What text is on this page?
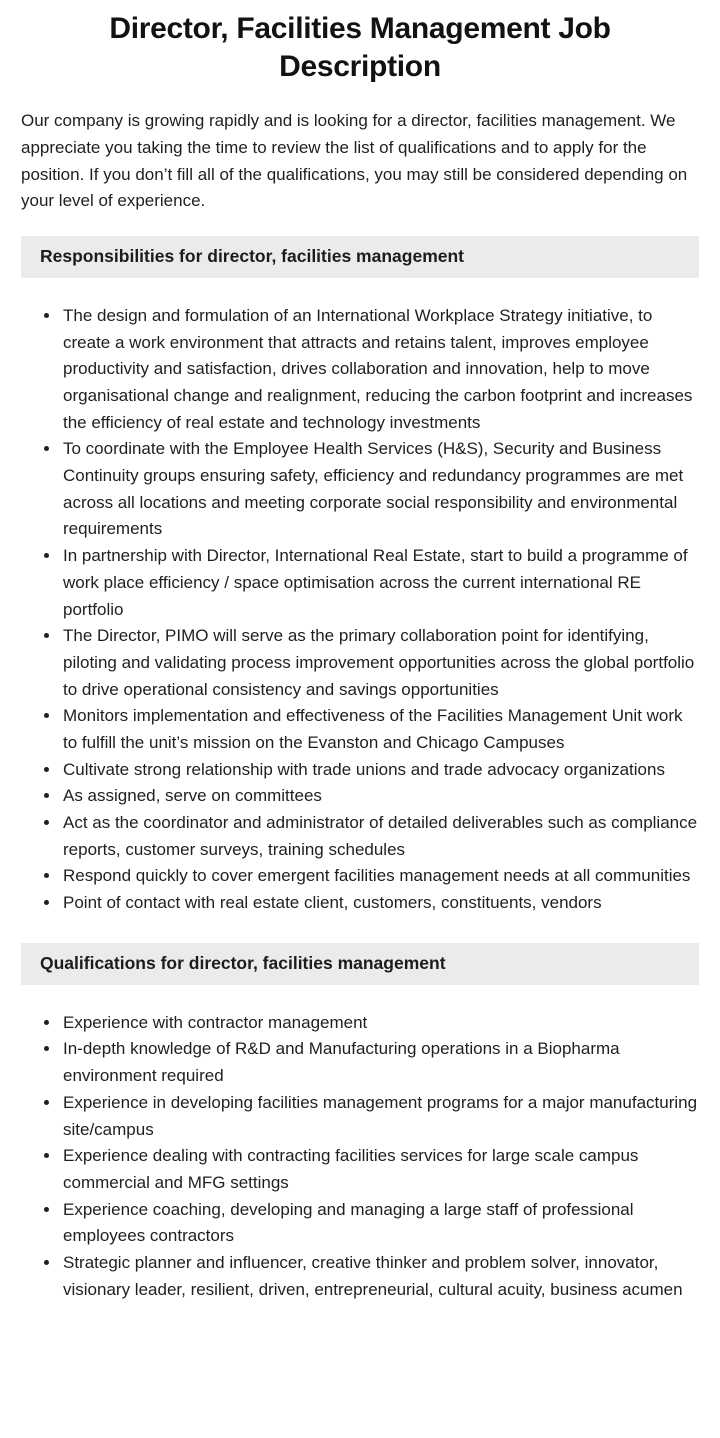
Director, Facilities Management Job Description

Our company is growing rapidly and is looking for a director, facilities management. We appreciate you taking the time to review the list of qualifications and to apply for the position. If you don’t fill all of the qualifications, you may still be considered depending on your level of experience.

Responsibilities for director, facilities management
• The design and formulation of an International Workplace Strategy initiative, to create a work environment that attracts and retains talent, improves employee productivity and satisfaction, drives collaboration and innovation, help to move organisational change and realignment, reducing the carbon footprint and increases the efficiency of real estate and technology investments
• To coordinate with the Employee Health Services (H&S), Security and Business Continuity groups ensuring safety, efficiency and redundancy programmes are met across all locations and meeting corporate social responsibility and environmental requirements
• In partnership with Director, International Real Estate, start to build a programme of work place efficiency / space optimisation across the current international RE portfolio
• The Director, PIMO will serve as the primary collaboration point for identifying, piloting and validating process improvement opportunities across the global portfolio to drive operational consistency and savings opportunities
• Monitors implementation and effectiveness of the Facilities Management Unit work to fulfill the unit’s mission on the Evanston and Chicago Campuses
• Cultivate strong relationship with trade unions and trade advocacy organizations
• As assigned, serve on committees
• Act as the coordinator and administrator of detailed deliverables such as compliance reports, customer surveys, training schedules
• Respond quickly to cover emergent facilities management needs at all communities
• Point of contact with real estate client, customers, constituents, vendors
Qualifications for director, facilities management
• Experience with contractor management
• In-depth knowledge of R&D and Manufacturing operations in a Biopharma environment required
• Experience in developing facilities management programs for a major manufacturing site/campus
• Experience dealing with contracting facilities services for large scale campus commercial and MFG settings
• Experience coaching, developing and managing a large staff of professional employees contractors
• Strategic planner and influencer, creative thinker and problem solver, innovator, visionary leader, resilient, driven, entrepreneurial, cultural acuity, business acumen
